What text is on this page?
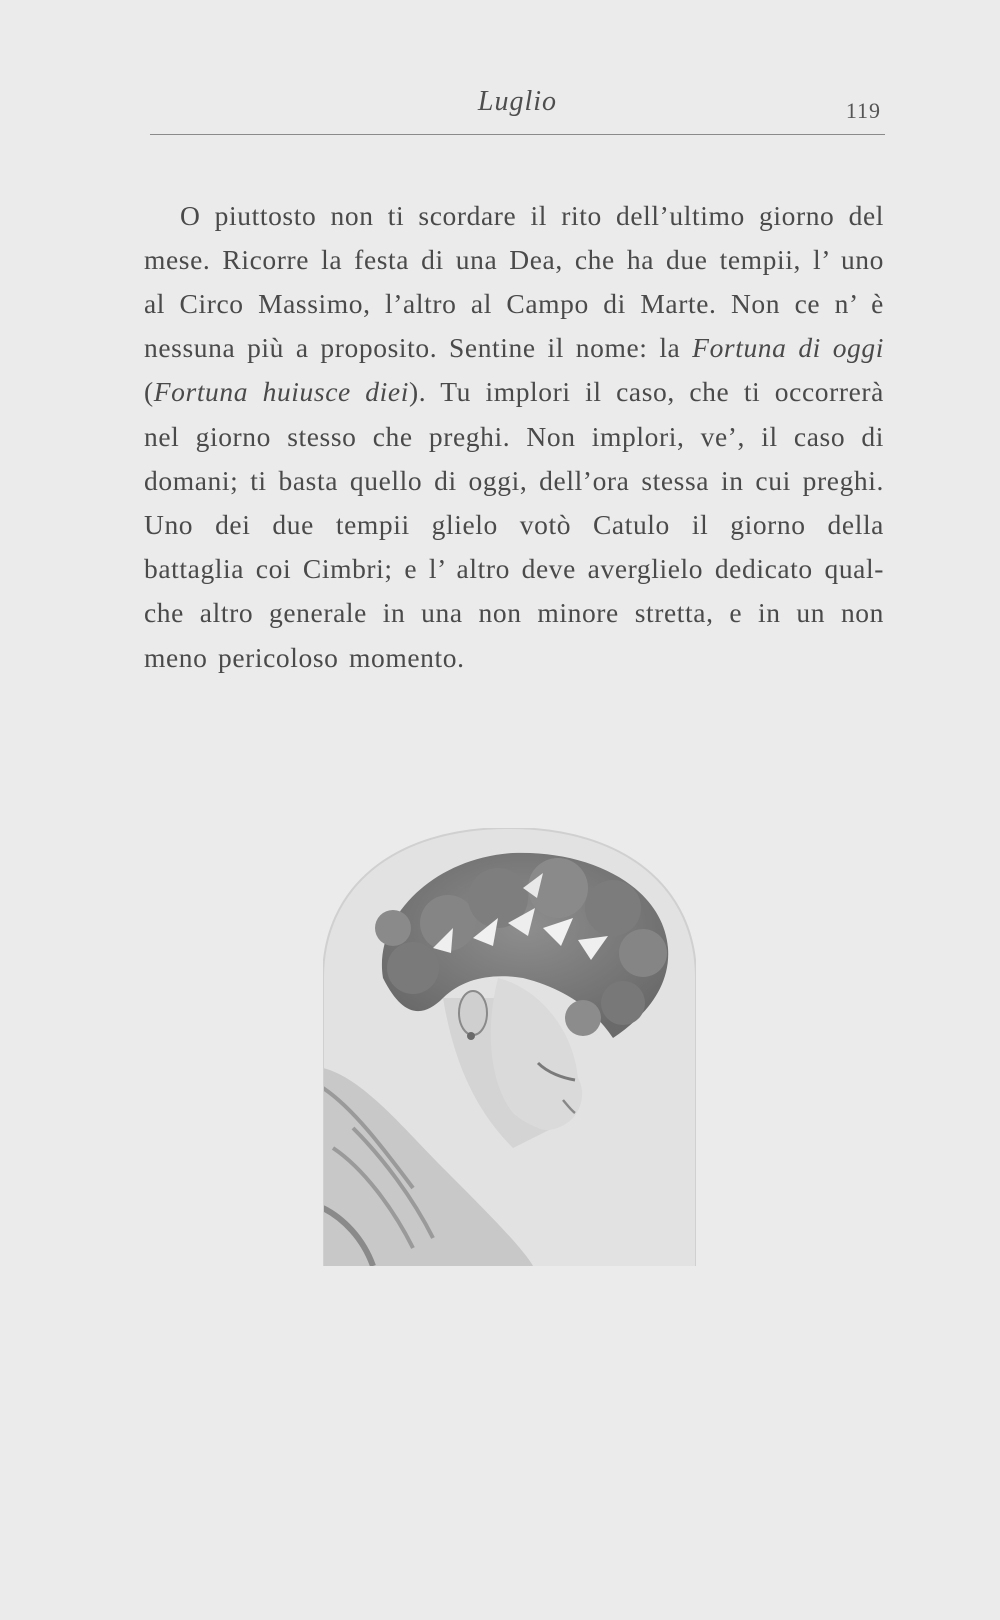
Luglio	119

O piuttosto non ti scordare il rito dell’ultimo giorno del mese. Ricorre la festa di una Dea, che ha due tempii, l’ uno al Circo Massimo, l’altro al Campo di Marte. Non ce n’ è nessuna più a proposito. Sentine il nome: la Fortuna di oggi (Fortuna huiusce diei). Tu implori il caso, che ti occorrerà nel giorno stesso che preghi. Non implori, ve’, il caso di domani; ti basta quello di oggi, dell’ora stessa in cui preghi. Uno dei due tempii glielo votò Catulo il giorno della battaglia coi Cimbri; e l’ altro deve averglielo dedicato qual- che altro generale in una non minore stretta, e in un non meno pericoloso momento.
